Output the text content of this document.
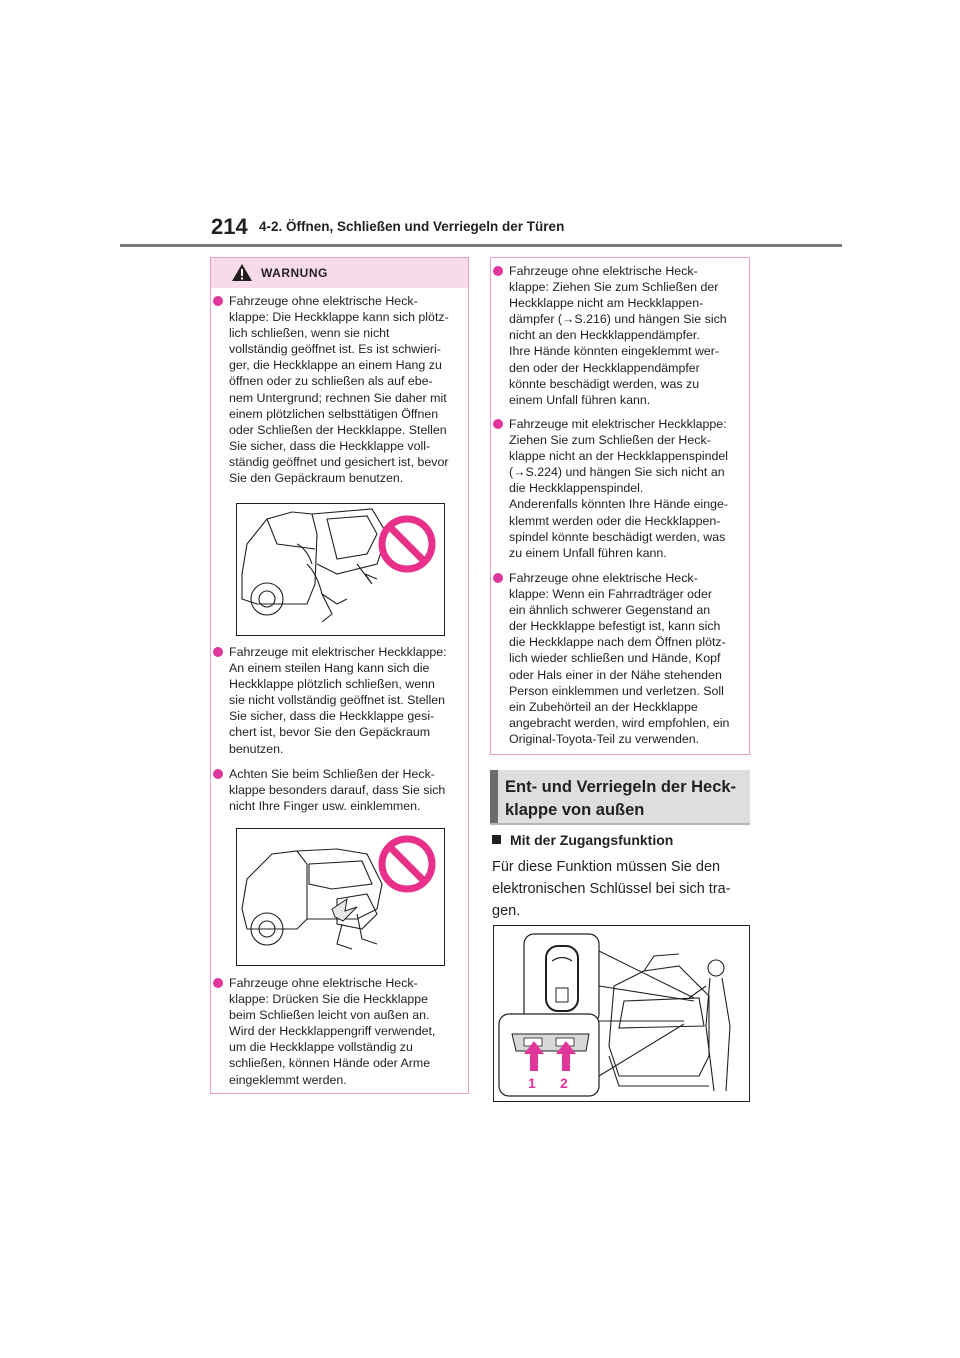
214 4-2. Öffnen, Schließen und Verriegeln der Türen
WARNUNG

Fahrzeuge ohne elektrische Heck-
klappe: Die Heckklappe kann sich plötz-
lich schließen, wenn sie nicht
vollständig geöffnet ist. Es ist schwieri-
ger, die Heckklappe an einem Hang zu
öffnen oder zu schließen als auf ebe-
nem Untergrund; rechnen Sie daher mit
einem plötzlichen selbsttätigen Öffnen
oder Schließen der Heckklappe. Stellen
Sie sicher, dass die Heckklappe voll-
ständig geöffnet und gesichert ist, bevor
Sie den Gepäckraum benutzen.

Fahrzeuge mit elektrischer Heckklappe:
An einem steilen Hang kann sich die
Heckklappe plötzlich schließen, wenn
sie nicht vollständig geöffnet ist. Stellen
Sie sicher, dass die Heckklappe gesi-
chert ist, bevor Sie den Gepäckraum
benutzen.

Achten Sie beim Schließen der Heck-
klappe besonders darauf, dass Sie sich
nicht Ihre Finger usw. einklemmen.

Fahrzeuge ohne elektrische Heck-
klappe: Drücken Sie die Heckklappe
beim Schließen leicht von außen an.
Wird der Heckklappengriff verwendet,
um die Heckklappe vollständig zu
schließen, können Hände oder Arme
eingeklemmt werden.

Fahrzeuge ohne elektrische Heck-
klappe: Ziehen Sie zum Schließen der
Heckklappe nicht am Heckklappen-
dämpfer (→S.216) und hängen Sie sich
nicht an den Heckklappendämpfer.
Ihre Hände könnten eingeklemmt wer-
den oder der Heckklappendämpfer
könnte beschädigt werden, was zu
einem Unfall führen kann.

Fahrzeuge mit elektrischer Heckklappe:
Ziehen Sie zum Schließen der Heck-
klappe nicht an der Heckklappenspindel
(→S.224) und hängen Sie sich nicht an
die Heckklappenspindel.
Anderenfalls könnten Ihre Hände einge-
klemmt werden oder die Heckklappen-
spindel könnte beschädigt werden, was
zu einem Unfall führen kann.

Fahrzeuge ohne elektrische Heck-
klappe: Wenn ein Fahrradträger oder
ein ähnlich schwerer Gegenstand an
der Heckklappe befestigt ist, kann sich
die Heckklappe nach dem Öffnen plötz-
lich wieder schließen und Hände, Kopf
oder Hals einer in der Nähe stehenden
Person einklemmen und verletzen. Soll
ein Zubehörteil an der Heckklappe
angebracht werden, wird empfohlen, ein
Original-Toyota-Teil zu verwenden.

Ent- und Verriegeln der Heck-
klappe von außen
Mit der Zugangsfunktion
Für diese Funktion müssen Sie den
elektronischen Schlüssel bei sich tra-
gen.
1 2
